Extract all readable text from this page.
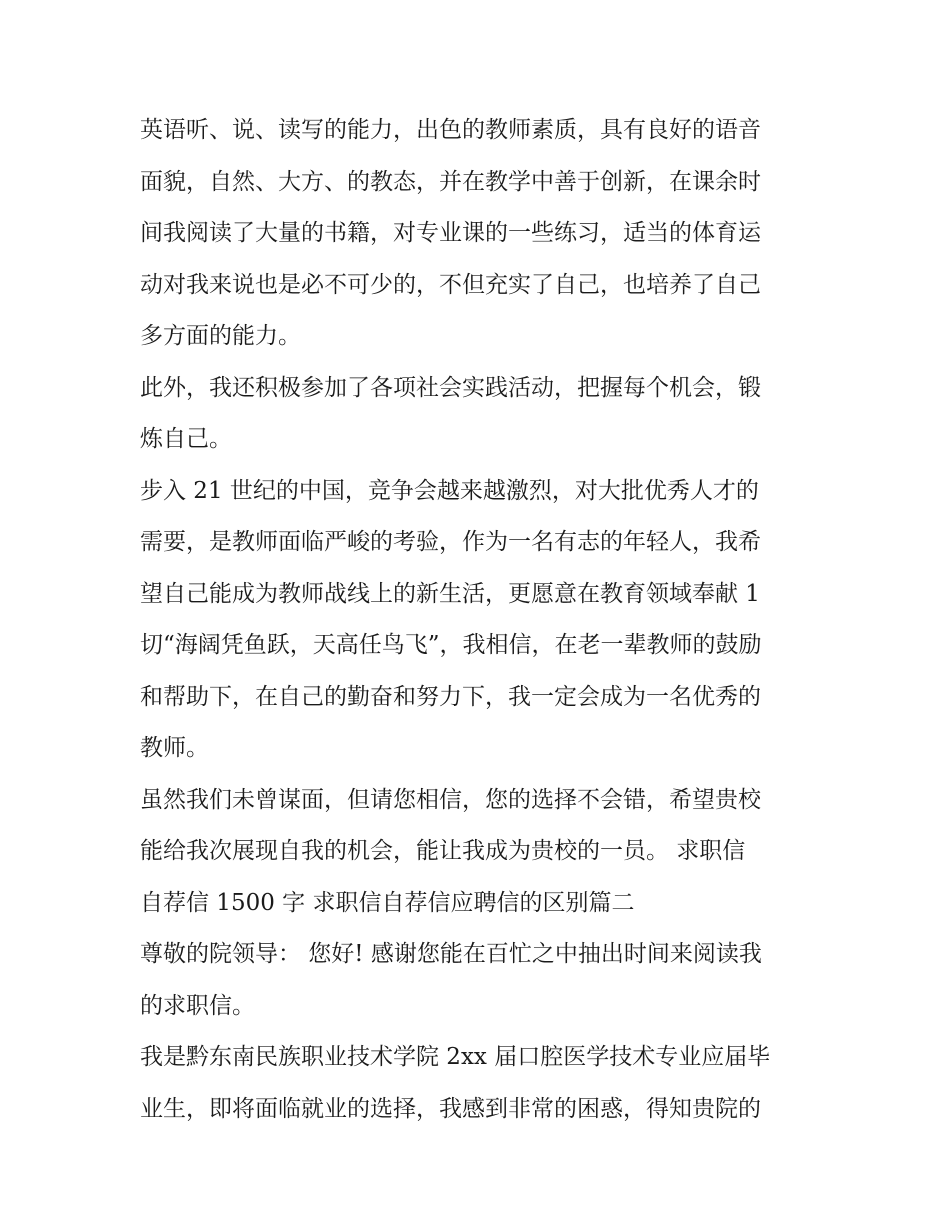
英语听、说、读写的能力，出色的教师素质，具有良好的语音

面貌，自然、大方、的教态，并在教学中善于创新，在课余时

间我阅读了大量的书籍，对专业课的一些练习，适当的体育运

动对我来说也是必不可少的，不但充实了自己，也培养了自己

多方面的能力。

此外，我还积极参加了各项社会实践活动，把握每个机会，锻

炼自己。

步入 21 世纪的中国，竞争会越来越激烈，对大批优秀人才的

需要，是教师面临严峻的考验，作为一名有志的年轻人，我希

望自己能成为教师战线上的新生活，更愿意在教育领域奉献 1

切“海阔凭鱼跃，天高任鸟飞”，我相信，在老一辈教师的鼓励

和帮助下，在自己的勤奋和努力下，我一定会成为一名优秀的

教师。

虽然我们未曾谋面，但请您相信，您的选择不会错，希望贵校

能给我次展现自我的机会，能让我成为贵校的一员。 求职信

自荐信 1500 字 求职信自荐信应聘信的区别篇二

尊敬的院领导： 您好! 感谢您能在百忙之中抽出时间来阅读我

的求职信。

我是黔东南民族职业技术学院 2xx 届口腔医学技术专业应届毕

业生，即将面临就业的选择，我感到非常的困惑，得知贵院的
